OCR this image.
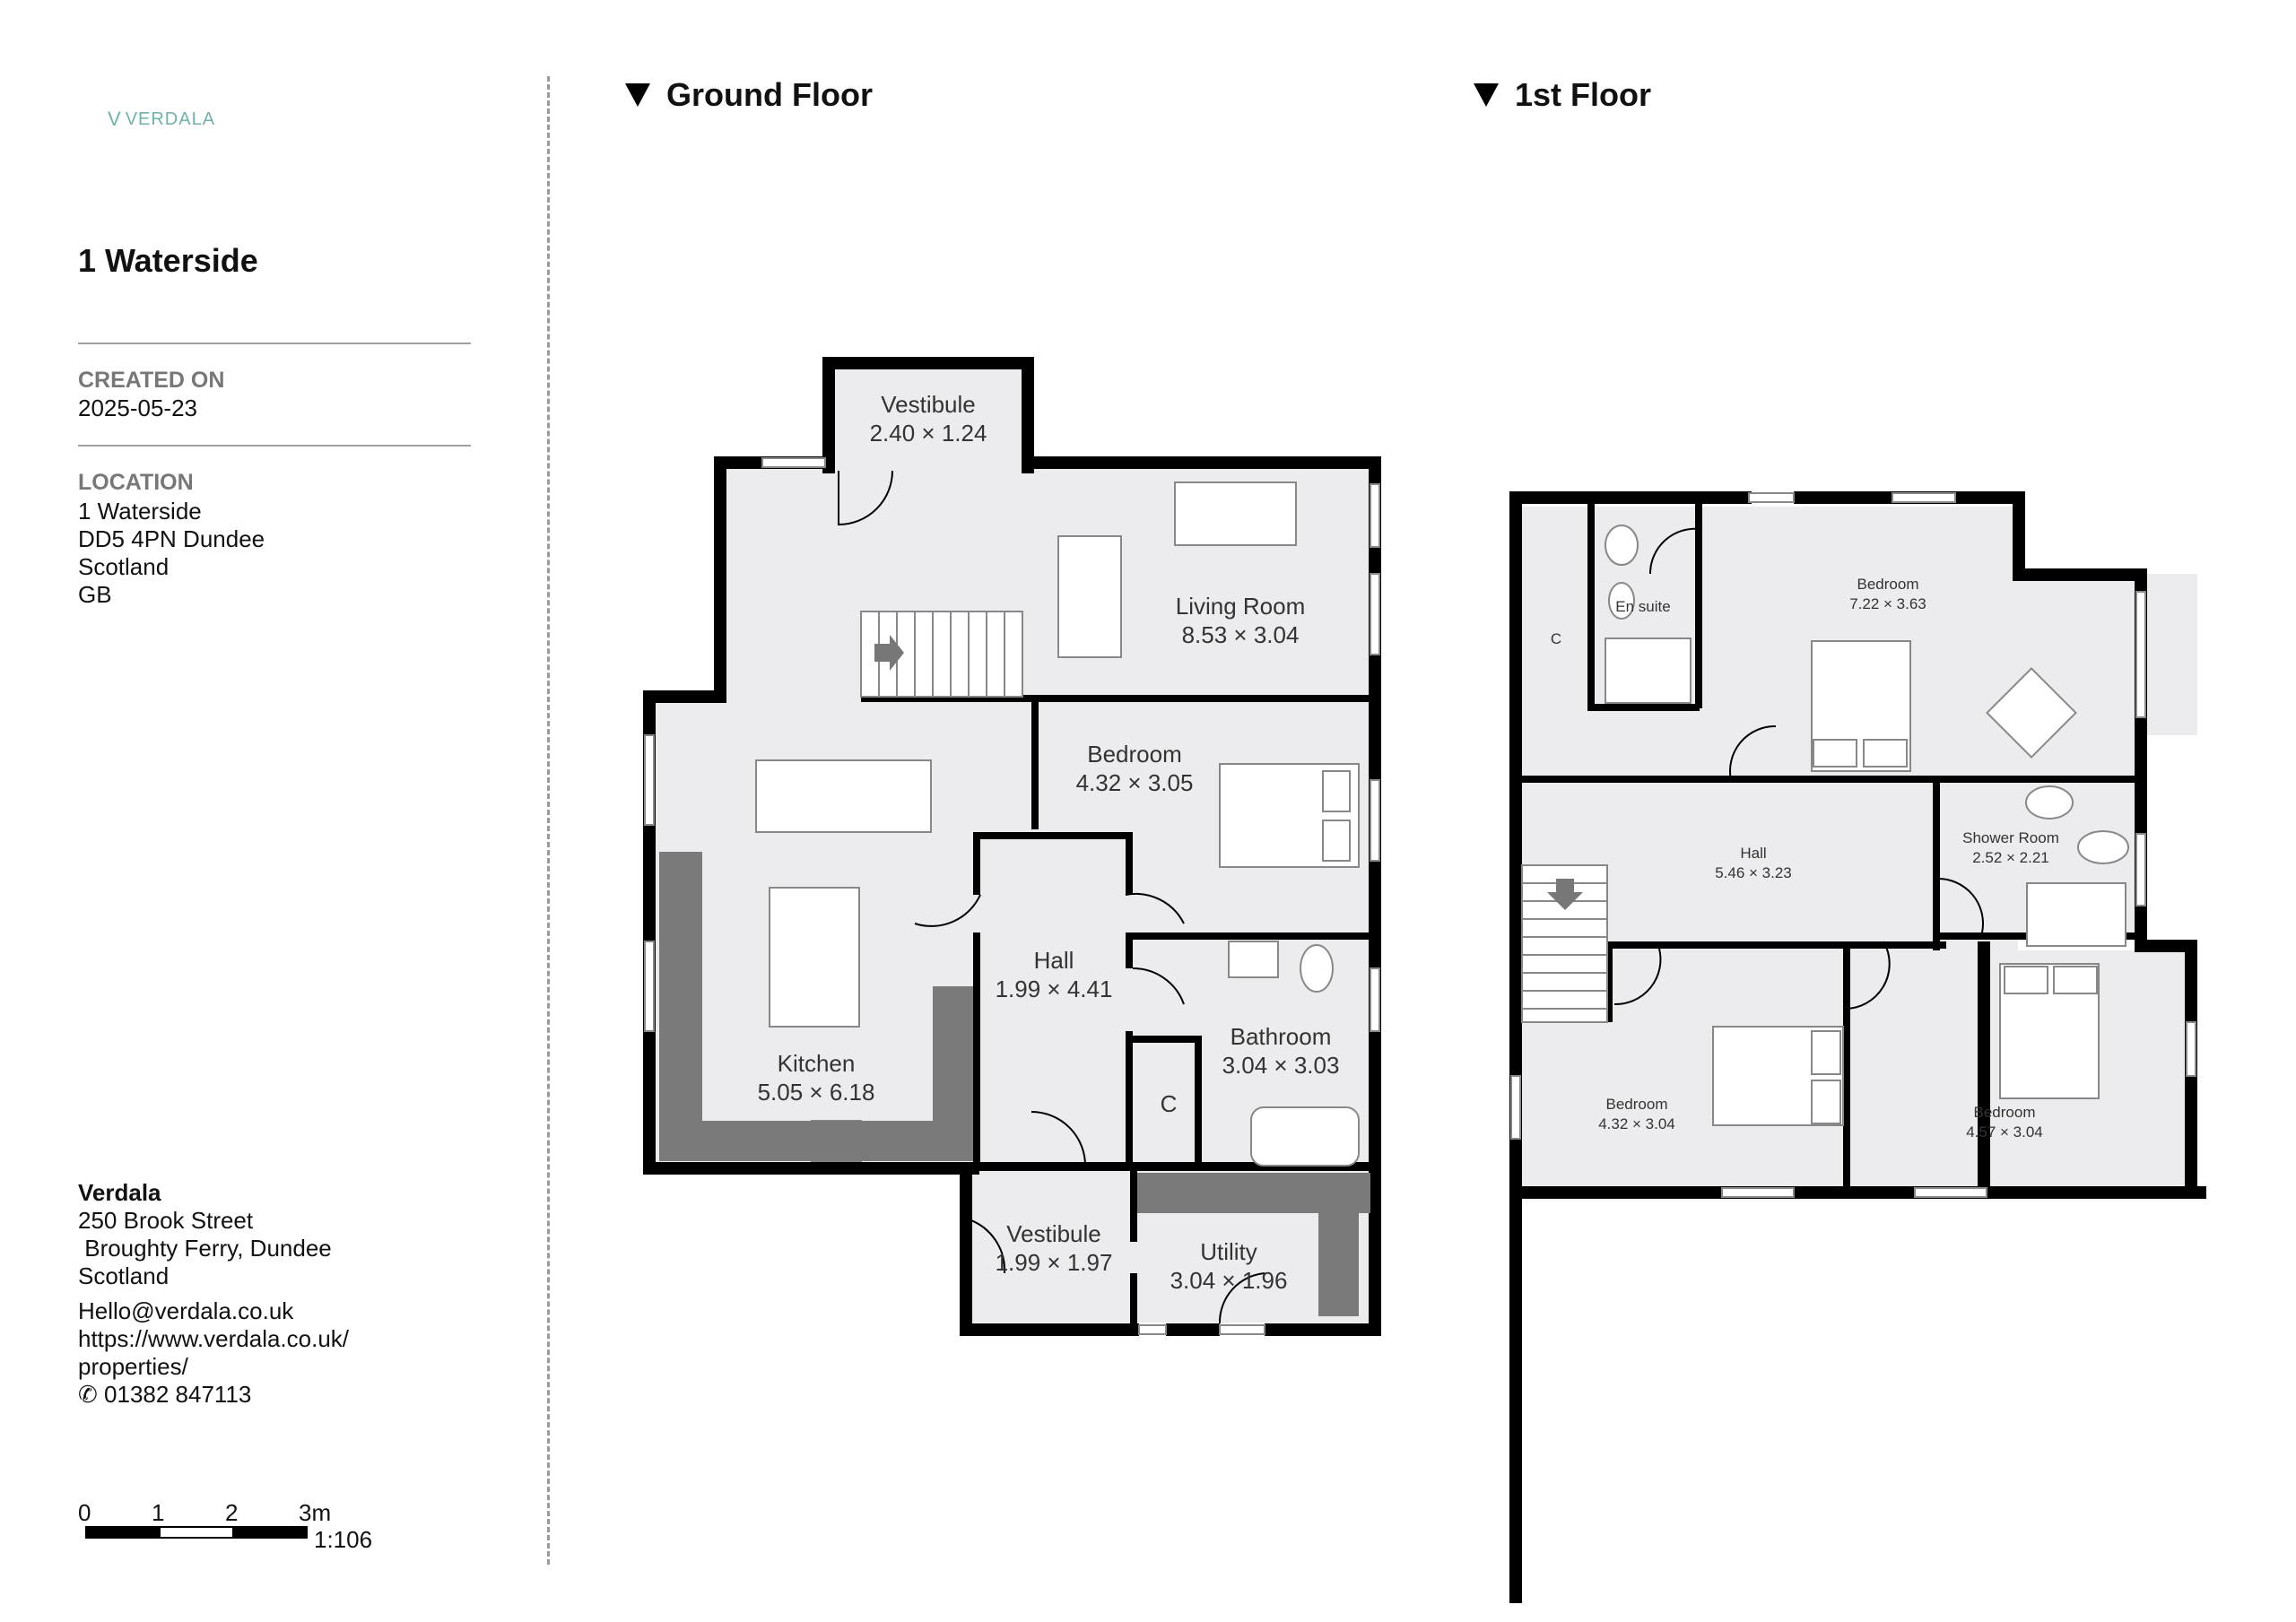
V VERDALA
1 Waterside
CREATED ON
2025-05-23
LOCATION
1 Waterside
DD5 4PN Dundee
Scotland
GB
Verdala
250 Brook Street
Broughty Ferry, Dundee
Scotland
Hello@verdala.co.uk
https://www.verdala.co.uk/
properties/
✆ 01382 847113
0	1	2	3m
1:106
Ground Floor	1st Floor
Vestibule
2.40 × 1.24
Living Room
8.53 × 3.04
Bedroom
4.32 × 3.05
Hall
1.99 × 4.41
Bathroom
3.04 × 3.03
C
Kitchen
5.05 × 6.18
Vestibule
1.99 × 1.97	Utility
3.04 × 1.96
C
En suite
Bedroom
7.22 × 3.63
Hall
5.46 × 3.23
Shower Room
2.52 × 2.21
Bedroom
4.32 × 3.04
Bedroom
4.57 × 3.04
